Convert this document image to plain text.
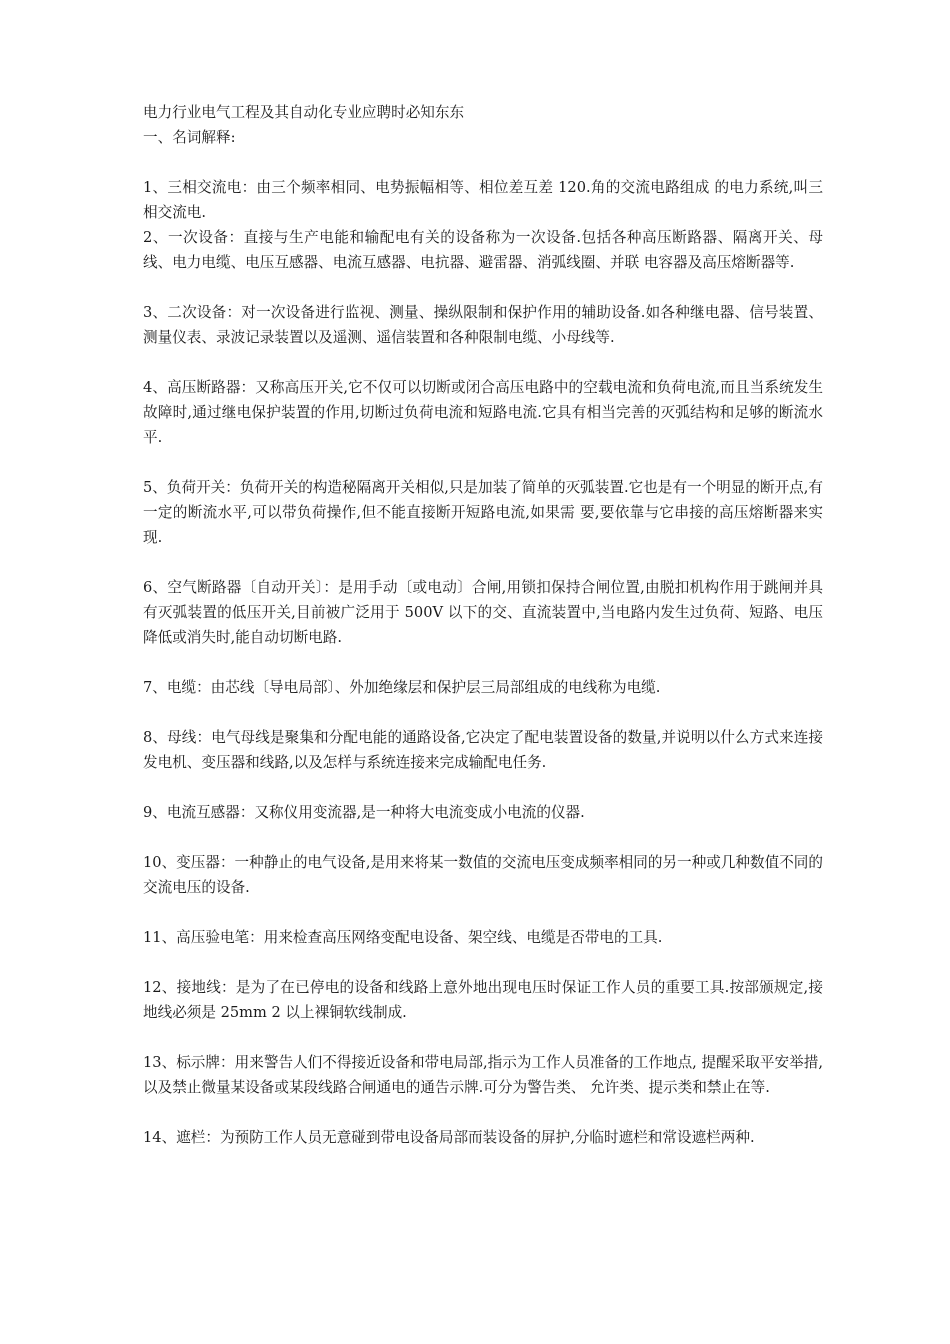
电力行业电气工程及其自动化专业应聘时必知东东

一、名词解释:

1、三相交流电：由三个频率相同、电势振幅相等、相位差互差 120.角的交流电路组成 的电力系统,叫三相交流电.

2、一次设备：直接与生产电能和输配电有关的设备称为一次设备.包括各种高压断路器、隔离开关、母线、电力电缆、电压互感器、电流互感器、电抗器、避雷器、消弧线圈、并联 电容器及高压熔断器等.

3、二次设备：对一次设备进行监视、测量、操纵限制和保护作用的辅助设备.如各种继电器、信号装置、测量仪表、录波记录装置以及遥测、遥信装置和各种限制电缆、小母线等.

4、高压断路器：又称高压开关,它不仅可以切断或闭合高压电路中的空载电流和负荷电流,而且当系统发生故障时,通过继电保护装置的作用,切断过负荷电流和短路电流.它具有相当完善的灭弧结构和足够的断流水平.

5、负荷开关：负荷开关的构造秘隔离开关相似,只是加装了简单的灭弧装置.它也是有一个明显的断开点,有一定的断流水平,可以带负荷操作,但不能直接断开短路电流,如果需 要,要依靠与它串接的高压熔断器来实现.

6、空气断路器〔自动开关〕：是用手动〔或电动〕合闸,用锁扣保持合闸位置,由脱扣机构作用于跳闸并具有灭弧装置的低压开关,目前被广泛用于 500V 以下的交、直流装置中,当电路内发生过负荷、短路、电压降低或消失时,能自动切断电路.

7、电缆：由芯线〔导电局部〕、外加绝缘层和保护层三局部组成的电线称为电缆.

8、母线：电气母线是聚集和分配电能的通路设备,它决定了配电装置设备的数量,并说明以什么方式来连接发电机、变压器和线路,以及怎样与系统连接来完成输配电任务.

9、电流互感器：又称仪用变流器,是一种将大电流变成小电流的仪器.

10、变压器：一种静止的电气设备,是用来将某一数值的交流电压变成频率相同的另一种或几种数值不同的交流电压的设备.

11、高压验电笔：用来检查高压网络变配电设备、架空线、电缆是否带电的工具.

12、接地线：是为了在已停电的设备和线路上意外地出现电压时保证工作人员的重要工具.按部颁规定,接地线必须是 25mm 2 以上裸铜软线制成.

13、标示牌：用来警告人们不得接近设备和带电局部,指示为工作人员准备的工作地点, 提醒采取平安举措,以及禁止微量某设备或某段线路合闸通电的通告示牌.可分为警告类、 允许类、提示类和禁止在等.

14、遮栏：为预防工作人员无意碰到带电设备局部而装设备的屏护,分临时遮栏和常设遮栏两种.
